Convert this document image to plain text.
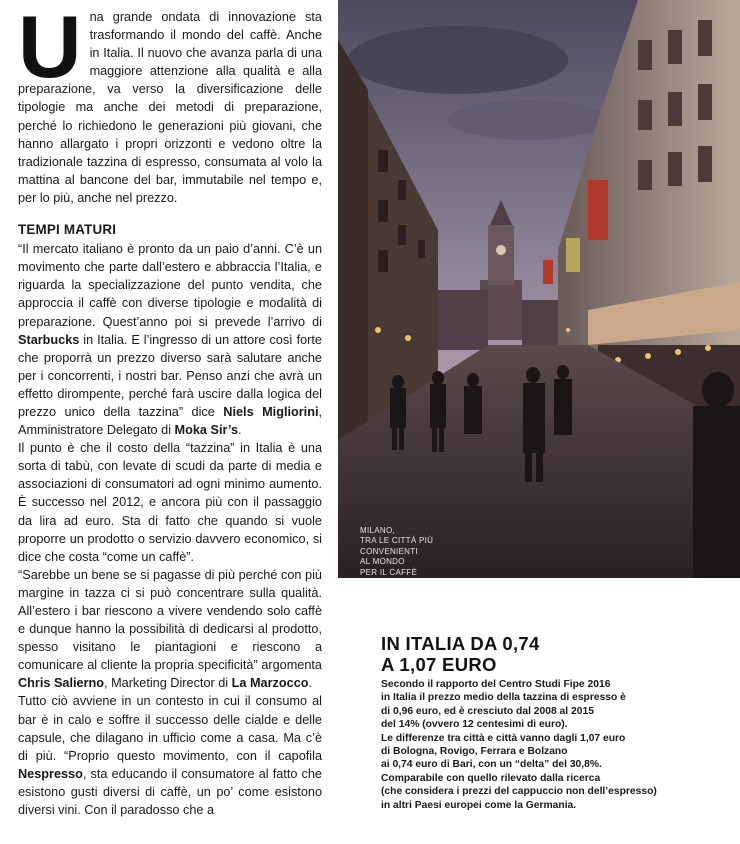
Una grande ondata di innovazione sta trasformando il mondo del caffè. Anche in Italia. Il nuovo che avanza parla di una maggiore attenzione alla qualità e alla preparazione, va verso la diversificazione delle tipologie ma anche dei metodi di preparazione, perché lo richiedono le generazioni più giovani, che hanno allargato i propri orizzonti e vedono oltre la tradizionale tazzina di espresso, consumata al volo la mattina al bancone del bar, immutabile nel tempo e, per lo più, anche nel prezzo.

TEMPI MATURI

“Il mercato italiano è pronto da un paio d’anni. C’è un movimento che parte dall’estero e abbraccia l’Italia, e riguarda la specializzazione del punto vendita, che approccia il caffè con diverse tipologie e modalità di preparazione. Quest’anno poi si prevede l’arrivo di Starbucks in Italia. E l’ingresso di un attore così forte che proporrà un prezzo diverso sarà salutare anche per i concorrenti, i nostri bar. Penso anzi che avrà un effetto dirompente, perché farà uscire dalla logica del prezzo unico della tazzina” dice Niels Migliorini, Amministratore Delegato di Moka Sir’s.

Il punto è che il costo della “tazzina” in Italia è una sorta di tabù, con levate di scudi da parte di media e associazioni di consumatori ad ogni minimo aumento. È successo nel 2012, e ancora più con il passaggio da lira ad euro. Sta di fatto che quando si vuole proporre un prodotto o servizio davvero economico, si dice che costa “come un caffè”.

“Sarebbe un bene se si pagasse di più perché con più margine in tazza ci si può concentrare sulla qualità. All’estero i bar riescono a vivere vendendo solo caffè e dunque hanno la possibilità di dedicarsi al prodotto, spesso visitano le piantagioni e riescono a comunicare al cliente la propria specificità” argomenta Chris Salierno, Marketing Director di La Marzocco.

Tutto ciò avviene in un contesto in cui il consumo al bar è in calo e soffre il successo delle cialde e delle capsule, che dilagano in ufficio come a casa. Ma c’è di più. “Proprio questo movimento, con il capofila Nespresso, sta educando il consumatore al fatto che esistono gusti diversi di caffè, un po’ come esistono diversi vini. Con il paradosso che a

MILANO,
TRA LE CITTÀ PIÙ
CONVENIENTI
AL MONDO
PER IL CAFFÈ
IN ITALIA DA 0,74
A 1,07 EURO
Secondo il rapporto del Centro Studi Fipe 2016
in Italia il prezzo medio della tazzina di espresso è
di 0,96 euro, ed è cresciuto dal 2008 al 2015
del 14% (ovvero 12 centesimi di euro).
Le differenze tra città e città vanno dagli 1,07 euro
di Bologna, Rovigo, Ferrara e Bolzano
ai 0,74 euro di Bari, con un “delta” del 30,8%.
Comparabile con quello rilevato dalla ricerca
(che considera i prezzi del cappuccio non dell’espresso)
in altri Paesi europei come la Germania.
